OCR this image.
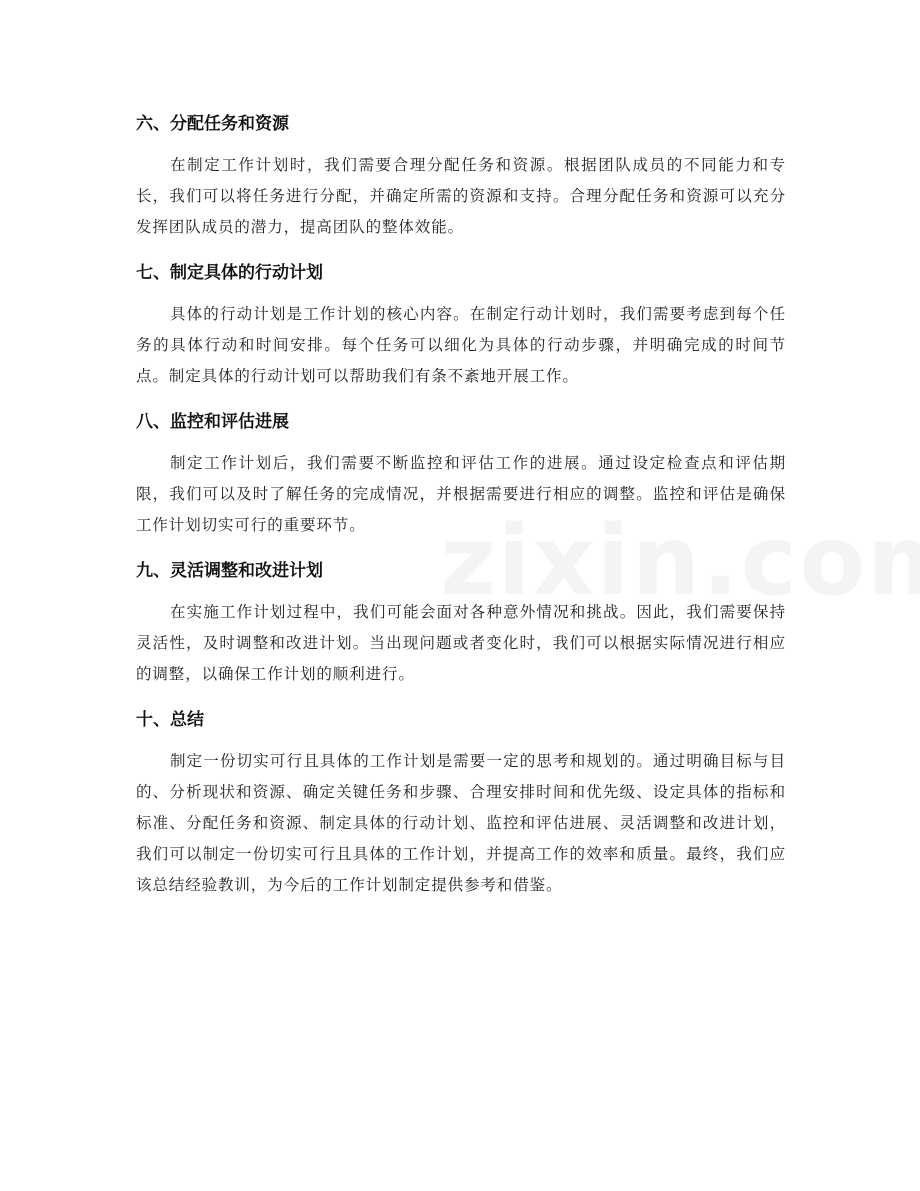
六、分配任务和资源

在制定工作计划时，我们需要合理分配任务和资源。根据团队成员的不同能力和专长，我们可以将任务进行分配，并确定所需的资源和支持。合理分配任务和资源可以充分发挥团队成员的潜力，提高团队的整体效能。

七、制定具体的行动计划

具体的行动计划是工作计划的核心内容。在制定行动计划时，我们需要考虑到每个任务的具体行动和时间安排。每个任务可以细化为具体的行动步骤，并明确完成的时间节点。制定具体的行动计划可以帮助我们有条不紊地开展工作。

八、监控和评估进展

制定工作计划后，我们需要不断监控和评估工作的进展。通过设定检查点和评估期限，我们可以及时了解任务的完成情况，并根据需要进行相应的调整。监控和评估是确保工作计划切实可行的重要环节。

九、灵活调整和改进计划

在实施工作计划过程中，我们可能会面对各种意外情况和挑战。因此，我们需要保持灵活性，及时调整和改进计划。当出现问题或者变化时，我们可以根据实际情况进行相应的调整，以确保工作计划的顺利进行。

十、总结

制定一份切实可行且具体的工作计划是需要一定的思考和规划的。通过明确目标与目的、分析现状和资源、确定关键任务和步骤、合理安排时间和优先级、设定具体的指标和标准、分配任务和资源、制定具体的行动计划、监控和评估进展、灵活调整和改进计划，我们可以制定一份切实可行且具体的工作计划，并提高工作的效率和质量。最终，我们应该总结经验教训，为今后的工作计划制定提供参考和借鉴。
